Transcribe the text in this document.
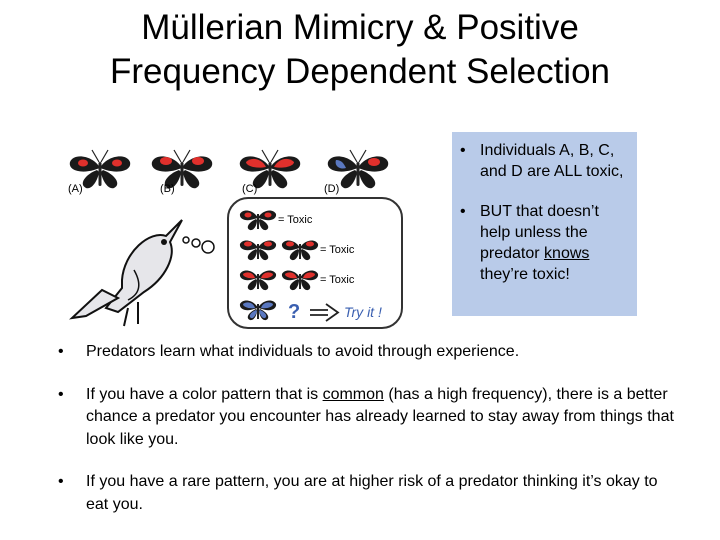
Müllerian Mimicry & Positive
Frequency Dependent Selection
(A)	(B)	(C)	(D)
= Toxic
= Toxic
= Toxic
?	Try it !
• Individuals A, B, C, and D are ALL toxic,
• BUT that doesn’t help unless the predator knows they’re toxic!
• Predators learn what individuals to avoid through experience.
• If you have a color pattern that is common (has a high frequency), there is a better chance a predator you encounter has already learned to stay away from things that look like you.
• If you have a rare pattern, you are at higher risk of a predator thinking it’s okay to eat you.
